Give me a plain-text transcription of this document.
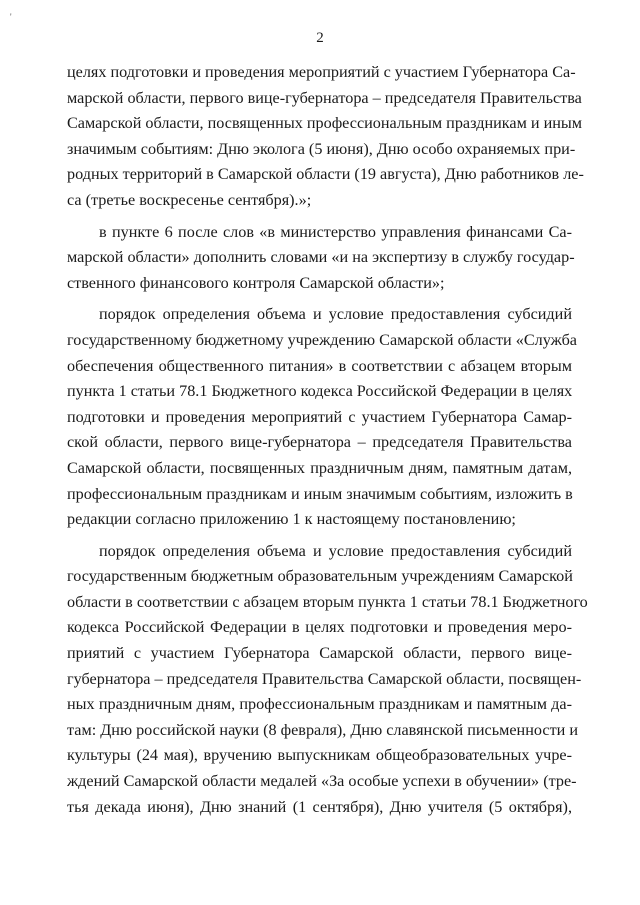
'
2
целях подготовки и проведения мероприятий с участием Губернатора Са-
марской области, первого вице-губернатора – председателя Правительства
Самарской области, посвященных профессиональным праздникам и иным
значимым событиям: Дню эколога (5 июня), Дню особо охраняемых при-
родных территорий в Самарской области (19 августа), Дню работников ле-
са (третье воскресенье сентября).»;
в пункте 6 после слов «в министерство управления финансами Са-
марской области» дополнить словами «и на экспертизу в службу государ-
ственного финансового контроля Самарской области»;
порядок определения объема и условие предоставления субсидий
государственному бюджетному учреждению Самарской области «Служба
обеспечения общественного питания» в соответствии с абзацем вторым
пункта 1 статьи 78.1 Бюджетного кодекса Российской Федерации в целях
подготовки и проведения мероприятий с участием Губернатора Самар-
ской области, первого вице-губернатора – председателя Правительства
Самарской области, посвященных праздничным дням, памятным датам,
профессиональным праздникам и иным значимым событиям, изложить в
редакции согласно приложению 1 к настоящему постановлению;
порядок определения объема и условие предоставления субсидий
государственным бюджетным образовательным учреждениям Самарской
области в соответствии с абзацем вторым пункта 1 статьи 78.1 Бюджетного
кодекса Российской Федерации в целях подготовки и проведения меро-
приятий с участием Губернатора Самарской области, первого вице-
губернатора – председателя Правительства Самарской области, посвящен-
ных праздничным дням, профессиональным праздникам и памятным да-
там: Дню российской науки (8 февраля), Дню славянской письменности и
культуры (24 мая), вручению выпускникам общеобразовательных учре-
ждений Самарской области медалей «За особые успехи в обучении» (тре-
тья декада июня), Дню знаний (1 сентября), Дню учителя (5 октября),
